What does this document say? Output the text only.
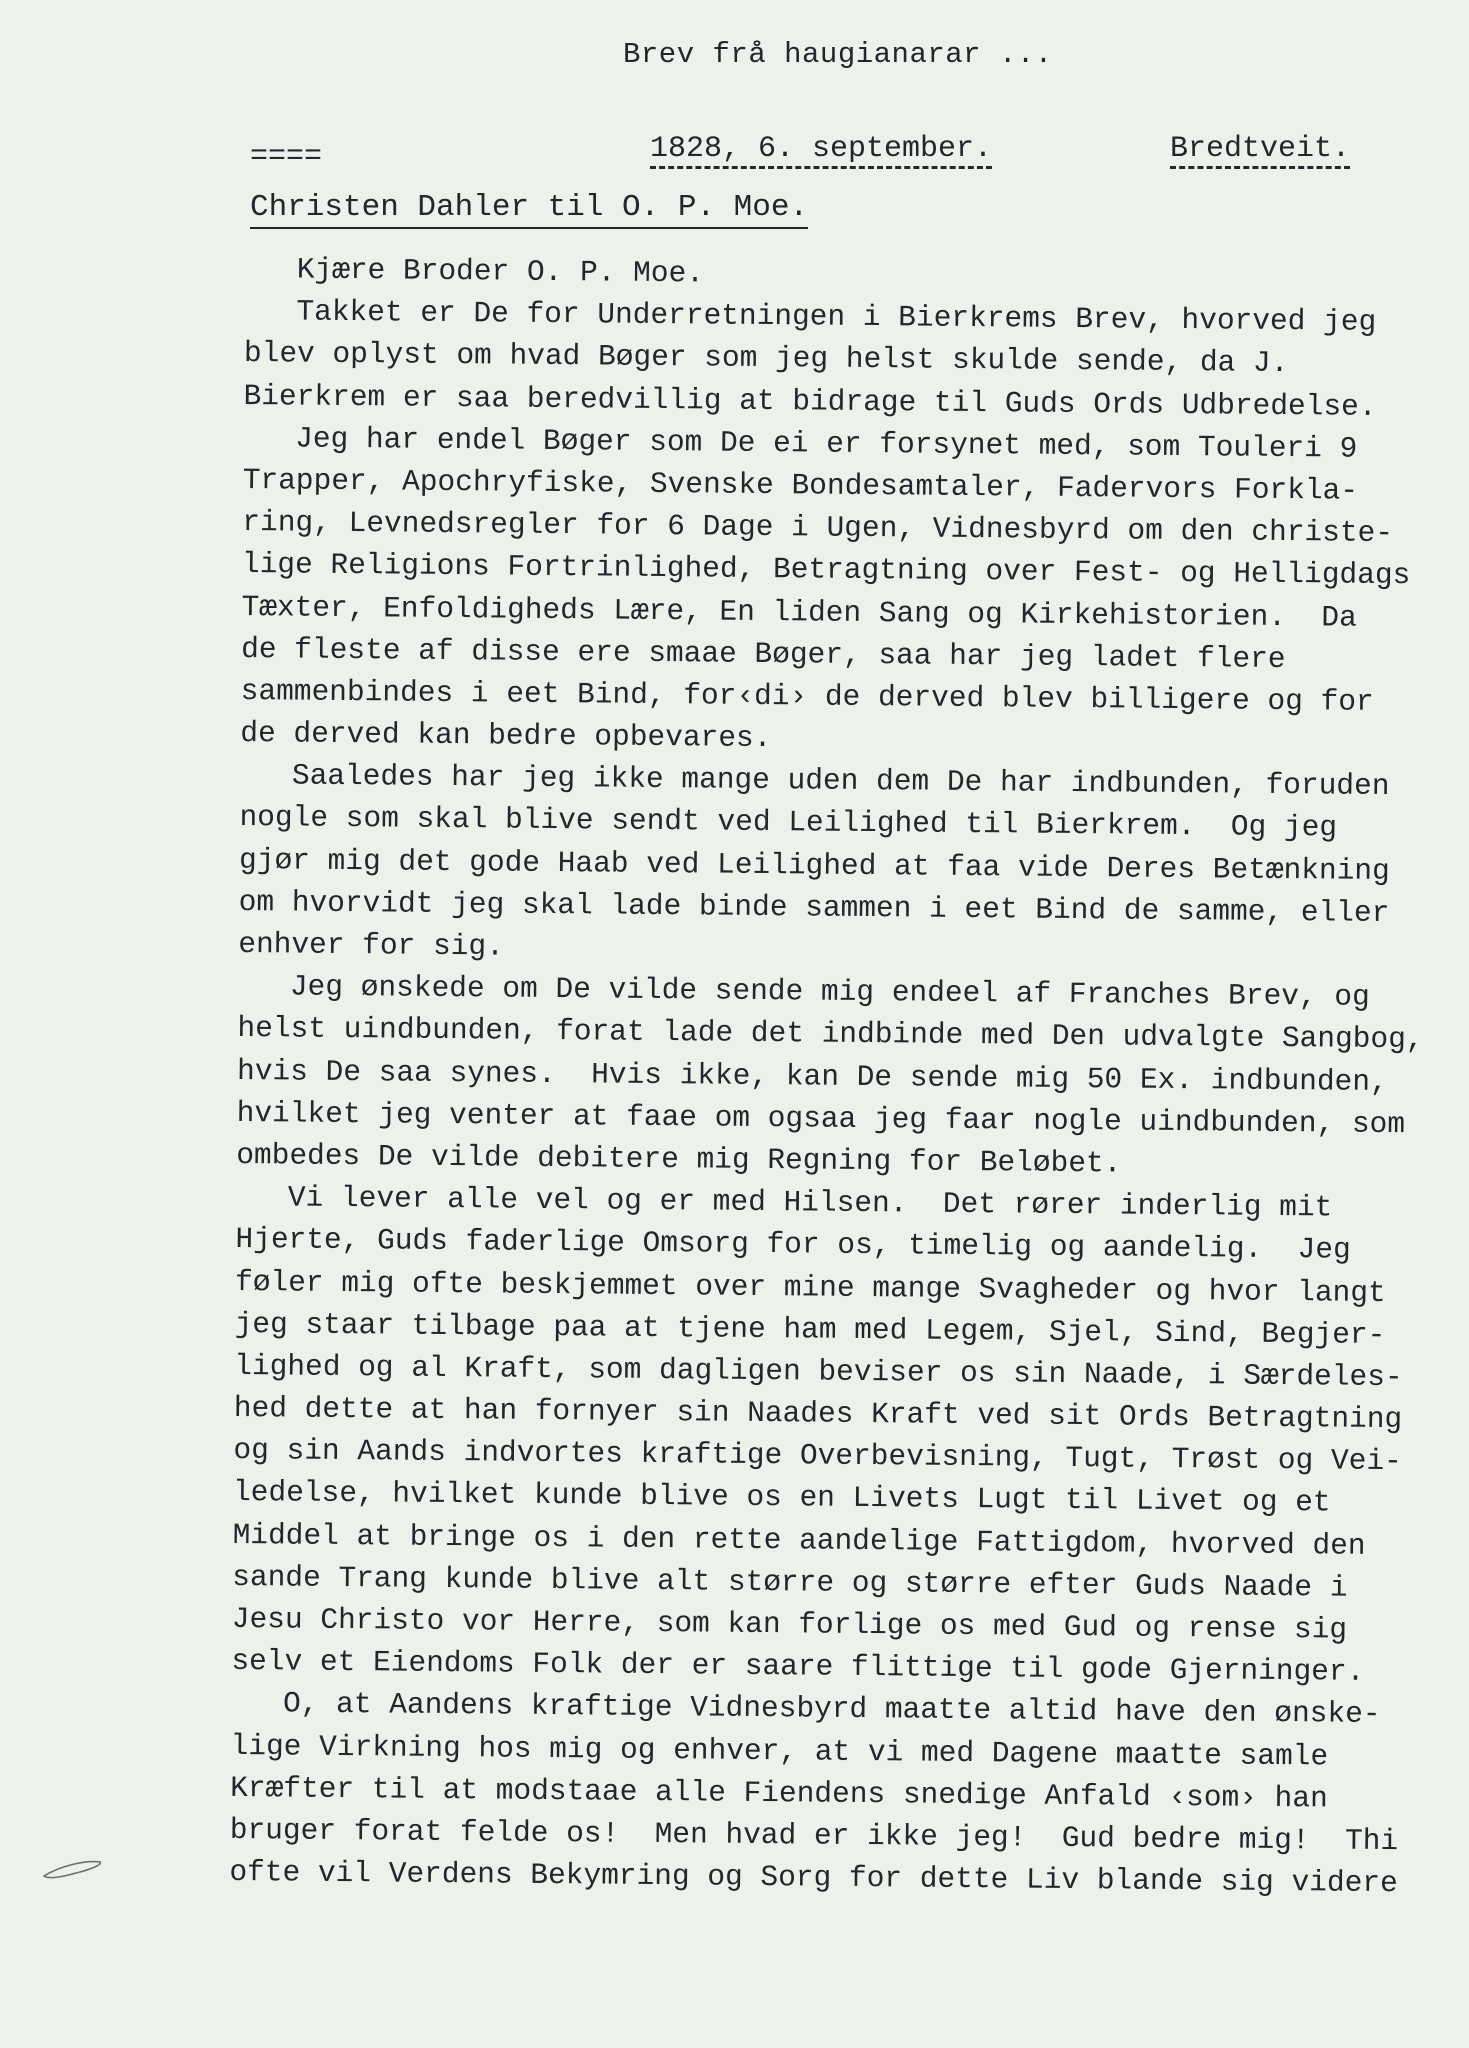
Brev frå haugianarar ...
====	1828, 6. september.	Bredtveit.
Christen Dahler til O. P. Moe.
Kjære Broder O. P. Moe.
Takket er De for Underretningen i Bierkrems Brev, hvorved jeg
blev oplyst om hvad Bøger som jeg helst skulde sende, da J.
Bierkrem er saa beredvillig at bidrage til Guds Ords Udbredelse.
Jeg har endel Bøger som De ei er forsynet med, som Touleri 9
Trapper, Apochryfiske, Svenske Bondesamtaler, Fadervors Forkla-
ring, Levnedsregler for 6 Dage i Ugen, Vidnesbyrd om den christe-
lige Religions Fortrinlighed, Betragtning over Fest- og Helligdags
Tæxter, Enfoldigheds Lære, En liden Sang og Kirkehistorien.  Da
de fleste af disse ere smaae Bøger, saa har jeg ladet flere
sammenbindes i eet Bind, for‹di› de derved blev billigere og for
de derved kan bedre opbevares.
Saaledes har jeg ikke mange uden dem De har indbunden, foruden
nogle som skal blive sendt ved Leilighed til Bierkrem.  Og jeg
gjør mig det gode Haab ved Leilighed at faa vide Deres Betænkning
om hvorvidt jeg skal lade binde sammen i eet Bind de samme, eller
enhver for sig.
Jeg ønskede om De vilde sende mig endeel af Franches Brev, og
helst uindbunden, forat lade det indbinde med Den udvalgte Sangbog,
hvis De saa synes.  Hvis ikke, kan De sende mig 50 Ex. indbunden,
hvilket jeg venter at faae om ogsaa jeg faar nogle uindbunden, som
ombedes De vilde debitere mig Regning for Beløbet.
Vi lever alle vel og er med Hilsen.  Det rører inderlig mit
Hjerte, Guds faderlige Omsorg for os, timelig og aandelig.  Jeg
føler mig ofte beskjemmet over mine mange Svagheder og hvor langt
jeg staar tilbage paa at tjene ham med Legem, Sjel, Sind, Begjer-
lighed og al Kraft, som dagligen beviser os sin Naade, i Særdeles-
hed dette at han fornyer sin Naades Kraft ved sit Ords Betragtning
og sin Aands indvortes kraftige Overbevisning, Tugt, Trøst og Vei-
ledelse, hvilket kunde blive os en Livets Lugt til Livet og et
Middel at bringe os i den rette aandelige Fattigdom, hvorved den
sande Trang kunde blive alt større og større efter Guds Naade i
Jesu Christo vor Herre, som kan forlige os med Gud og rense sig
selv et Eiendoms Folk der er saare flittige til gode Gjerninger.
O, at Aandens kraftige Vidnesbyrd maatte altid have den ønske-
lige Virkning hos mig og enhver, at vi med Dagene maatte samle
Kræfter til at modstaae alle Fiendens snedige Anfald ‹som› han
bruger forat felde os!  Men hvad er ikke jeg!  Gud bedre mig!  Thi
ofte vil Verdens Bekymring og Sorg for dette Liv blande sig videre
